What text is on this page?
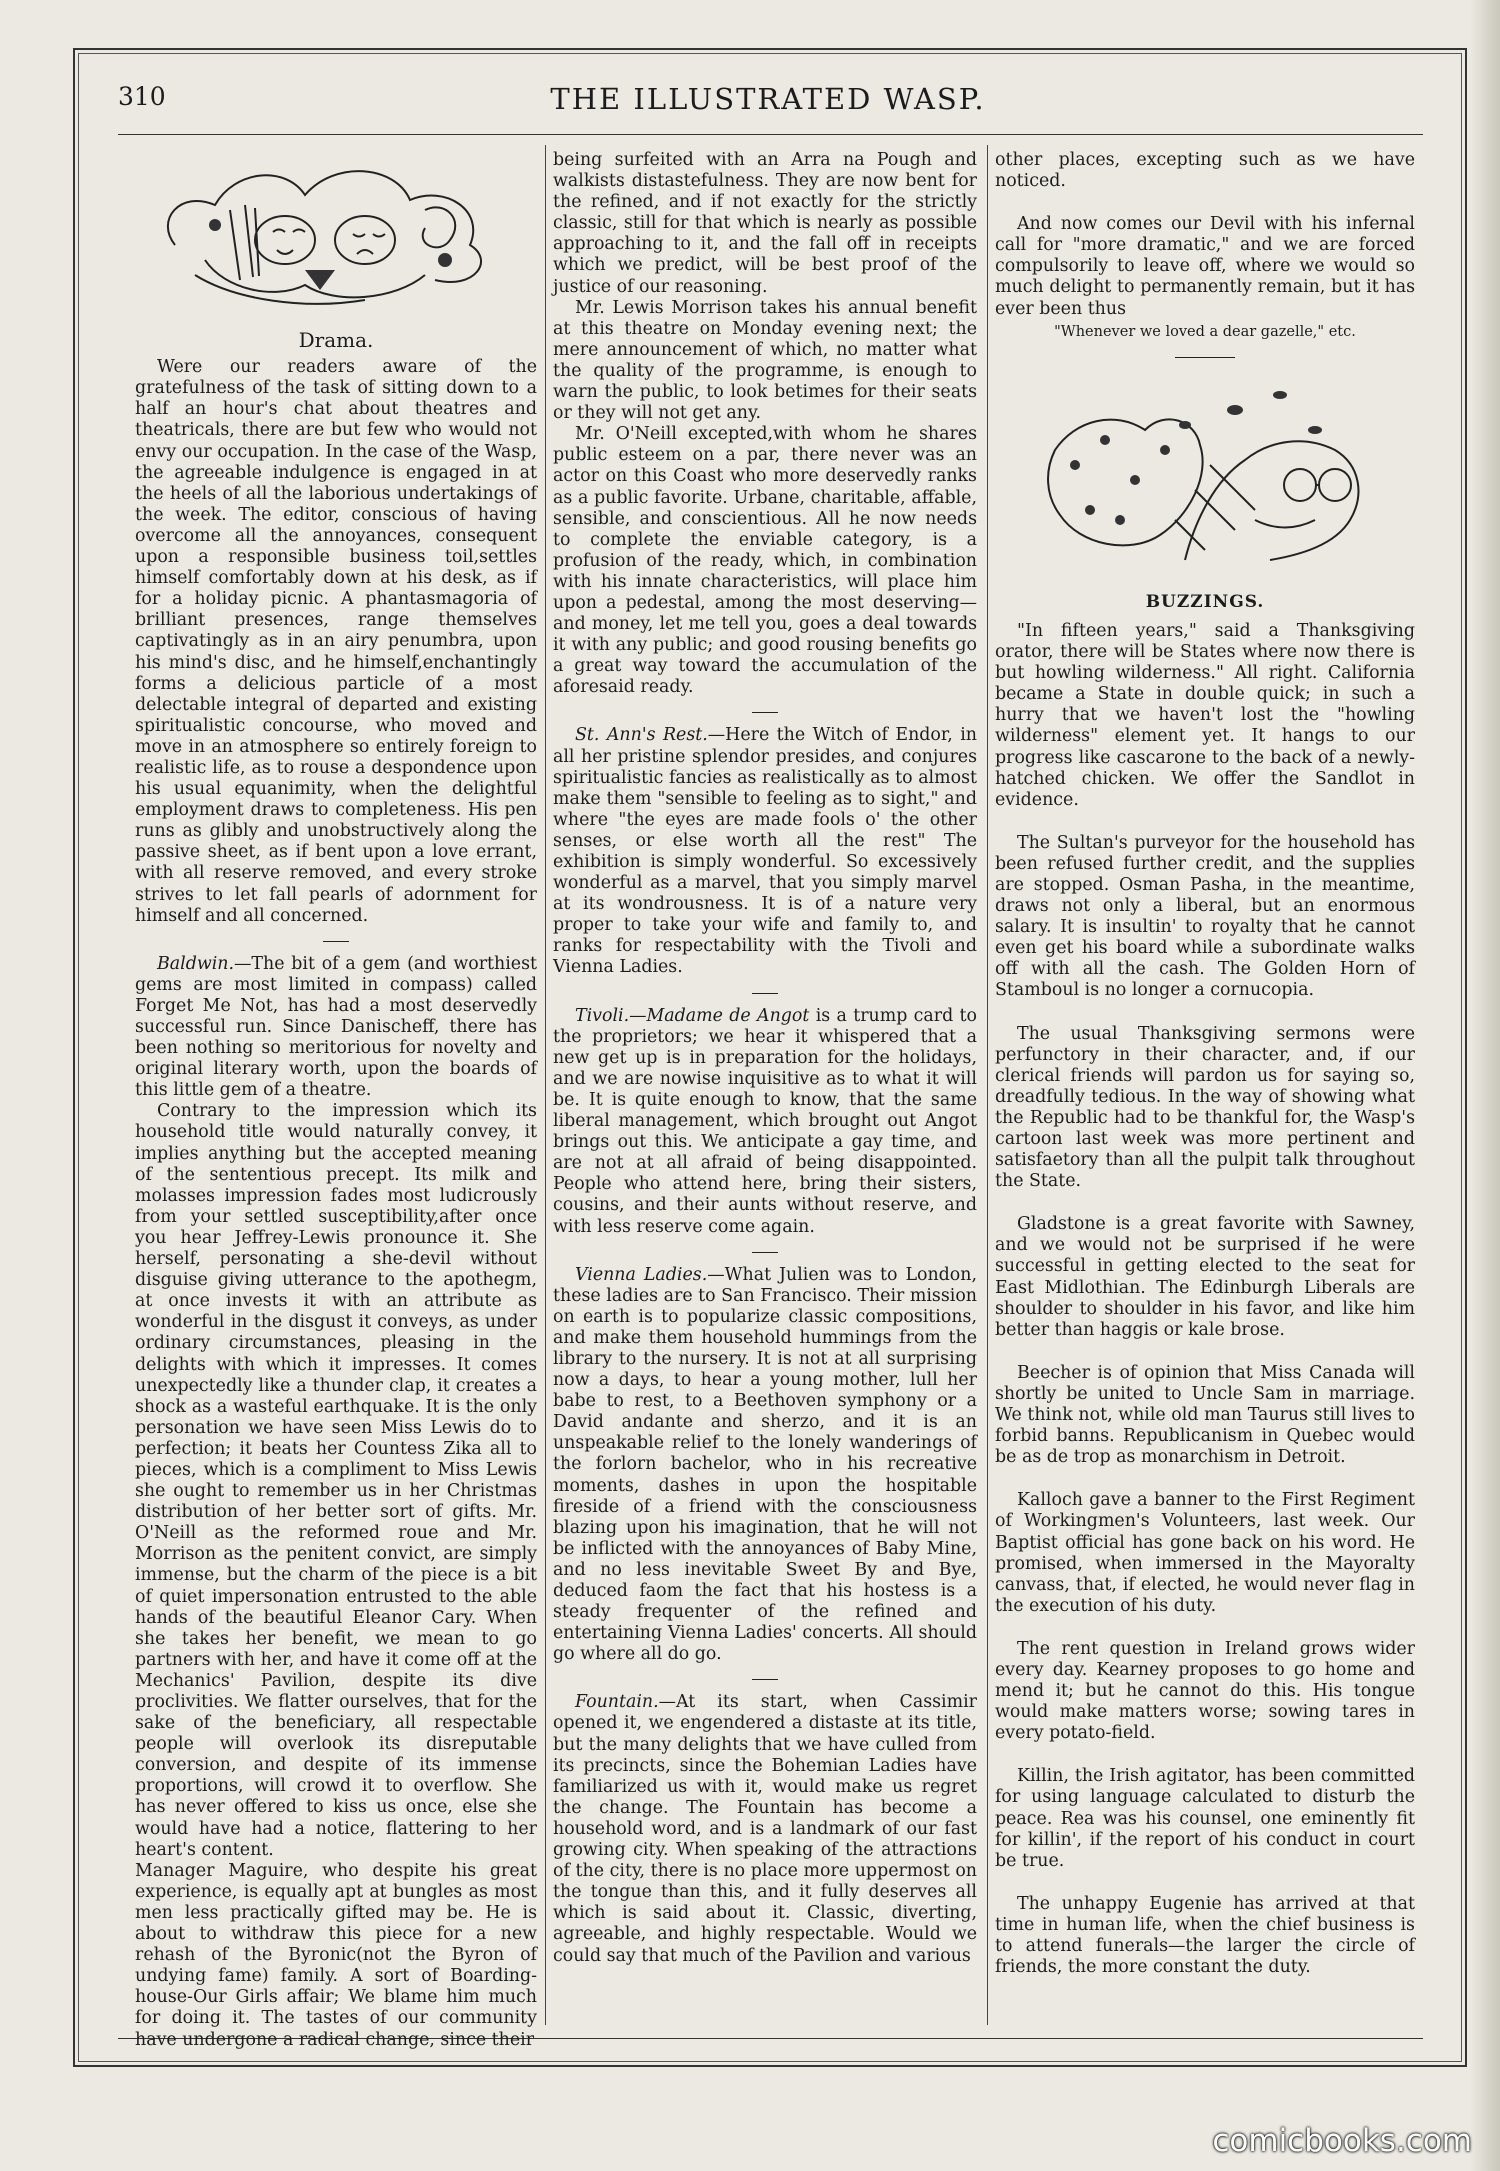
310	THE ILLUSTRATED WASP.
Drama.

Were our readers aware of the gratefulness of the task of sitting down to a half an hour's chat about theatres and theatricals, there are but few who would not envy our occupation. In the case of the Wasp, the agreeable indulgence is engaged in at the heels of all the laborious undertakings of the week. The editor, conscious of having overcome all the annoyances, consequent upon a responsible business toil,settles himself comfortably down at his desk, as if for a holiday picnic. A phantasmagoria of brilliant presences, range themselves captivatingly as in an airy penumbra, upon his mind's disc, and he himself,enchantingly forms a delicious particle of a most delectable integral of departed and existing spiritualistic concourse, who moved and move in an atmosphere so entirely foreign to realistic life, as to rouse a despondence upon his usual equanimity, when the delightful employment draws to completeness. His pen runs as glibly and unobstructively along the passive sheet, as if bent upon a love errant, with all reserve removed, and every stroke strives to let fall pearls of adornment for himself and all concerned.

Baldwin.—The bit of a gem (and worthiest gems are most limited in compass) called Forget Me Not, has had a most deservedly successful run. Since Danischeff, there has been nothing so meritorious for novelty and original literary worth, upon the boards of this little gem of a theatre.

Contrary to the impression which its household title would naturally convey, it implies anything but the accepted meaning of the sententious precept. Its milk and molasses impression fades most ludicrously from your settled susceptibility,after once you hear Jeffrey-Lewis pronounce it. She herself, personating a she-devil without disguise giving utterance to the apothegm, at once invests it with an attribute as wonderful in the disgust it conveys, as under ordinary circumstances, pleasing in the delights with which it impresses. It comes unexpectedly like a thunder clap, it creates a shock as a wasteful earthquake. It is the only personation we have seen Miss Lewis do to perfection; it beats her Countess Zika all to pieces, which is a compliment to Miss Lewis she ought to remember us in her Christmas distribution of her better sort of gifts. Mr. O'Neill as the reformed roue and Mr. Morrison as the penitent convict, are simply immense, but the charm of the piece is a bit of quiet impersonation entrusted to the able hands of the beautiful Eleanor Cary. When she takes her benefit, we mean to go partners with her, and have it come off at the Mechanics' Pavilion, despite its dive proclivities. We flatter ourselves, that for the sake of the beneficiary, all respectable people will overlook its disreputable conversion, and despite of its immense proportions, will crowd it to overflow. She has never offered to kiss us once, else she would have had a notice, flattering to her heart's content.

Manager Maguire, who despite his great experience, is equally apt at bungles as most men less practically gifted may be. He is about to withdraw this piece for a new rehash of the Byronic(not the Byron of undying fame) family. A sort of Boarding-house-Our Girls affair; We blame him much for doing it. The tastes of our community have undergone a radical change, since their

being surfeited with an Arra na Pough and walkists distastefulness. They are now bent for the refined, and if not exactly for the strictly classic, still for that which is nearly as possible approaching to it, and the fall off in receipts which we predict, will be best proof of the justice of our reasoning.

Mr. Lewis Morrison takes his annual benefit at this theatre on Monday evening next; the mere announcement of which, no matter what the quality of the programme, is enough to warn the public, to look betimes for their seats or they will not get any.

Mr. O'Neill excepted,with whom he shares public esteem on a par, there never was an actor on this Coast who more deservedly ranks as a public favorite. Urbane, charitable, affable, sensible, and conscientious. All he now needs to complete the enviable category, is a profusion of the ready, which, in combination with his innate characteristics, will place him upon a pedestal, among the most deserving—and money, let me tell you, goes a deal towards it with any public; and good rousing benefits go a great way toward the accumulation of the aforesaid ready.

St. Ann's Rest.—Here the Witch of Endor, in all her pristine splendor presides, and conjures spiritualistic fancies as realistically as to almost make them "sensible to feeling as to sight," and where "the eyes are made fools o' the other senses, or else worth all the rest" The exhibition is simply wonderful. So excessively wonderful as a marvel, that you simply marvel at its wondrousness. It is of a nature very proper to take your wife and family to, and ranks for respectability with the Tivoli and Vienna Ladies.

Tivoli.—Madame de Angot is a trump card to the proprietors; we hear it whispered that a new get up is in preparation for the holidays, and we are nowise inquisitive as to what it will be. It is quite enough to know, that the same liberal management, which brought out Angot brings out this. We anticipate a gay time, and are not at all afraid of being disappointed. People who attend here, bring their sisters, cousins, and their aunts without reserve, and with less reserve come again.

Vienna Ladies.—What Julien was to London, these ladies are to San Francisco. Their mission on earth is to popularize classic compositions, and make them household hummings from the library to the nursery. It is not at all surprising now a days, to hear a young mother, lull her babe to rest, to a Beethoven symphony or a David andante and sherzo, and it is an unspeakable relief to the lonely wanderings of the forlorn bachelor, who in his recreative moments, dashes in upon the hospitable fireside of a friend with the consciousness blazing upon his imagination, that he will not be inflicted with the annoyances of Baby Mine, and no less inevitable Sweet By and Bye, deduced faom the fact that his hostess is a steady frequenter of the refined and entertaining Vienna Ladies' concerts. All should go where all do go.

Fountain.—At its start, when Cassimir opened it, we engendered a distaste at its title, but the many delights that we have culled from its precincts, since the Bohemian Ladies have familiarized us with it, would make us regret the change. The Fountain has become a household word, and is a landmark of our fast growing city. When speaking of the attractions of the city, there is no place more uppermost on the tongue than this, and it fully deserves all which is said about it. Classic, diverting, agreeable, and highly respectable. Would we could say that much of the Pavilion and various

other places, excepting such as we have noticed.

And now comes our Devil with his infernal call for "more dramatic," and we are forced compulsorily to leave off, where we would so much delight to permanently remain, but it has ever been thus

"Whenever we loved a dear gazelle," etc.
BUZZINGS.

"In fifteen years," said a Thanksgiving orator, there will be States where now there is but howling wilderness." All right. California became a State in double quick; in such a hurry that we haven't lost the "howling wilderness" element yet. It hangs to our progress like cascarone to the back of a newly-hatched chicken. We offer the Sandlot in evidence.

The Sultan's purveyor for the household has been refused further credit, and the supplies are stopped. Osman Pasha, in the meantime, draws not only a liberal, but an enormous salary. It is insultin' to royalty that he cannot even get his board while a subordinate walks off with all the cash. The Golden Horn of Stamboul is no longer a cornucopia.

The usual Thanksgiving sermons were perfunctory in their character, and, if our clerical friends will pardon us for saying so, dreadfully tedious. In the way of showing what the Republic had to be thankful for, the Wasp's cartoon last week was more pertinent and satisfaetory than all the pulpit talk throughout the State.

Gladstone is a great favorite with Sawney, and we would not be surprised if he were successful in getting elected to the seat for East Midlothian. The Edinburgh Liberals are shoulder to shoulder in his favor, and like him better than haggis or kale brose.

Beecher is of opinion that Miss Canada will shortly be united to Uncle Sam in marriage. We think not, while old man Taurus still lives to forbid banns. Republicanism in Quebec would be as de trop as monarchism in Detroit.

Kalloch gave a banner to the First Regiment of Workingmen's Volunteers, last week. Our Baptist official has gone back on his word. He promised, when immersed in the Mayoralty canvass, that, if elected, he would never flag in the execution of his duty.

The rent question in Ireland grows wider every day. Kearney proposes to go home and mend it; but he cannot do this. His tongue would make matters worse; sowing tares in every potato-field.

Killin, the Irish agitator, has been committed for using language calculated to disturb the peace. Rea was his counsel, one eminently fit for killin', if the report of his conduct in court be true.

The unhappy Eugenie has arrived at that time in human life, when the chief business is to attend funerals—the larger the circle of friends, the more constant the duty.

comicbooks.com
